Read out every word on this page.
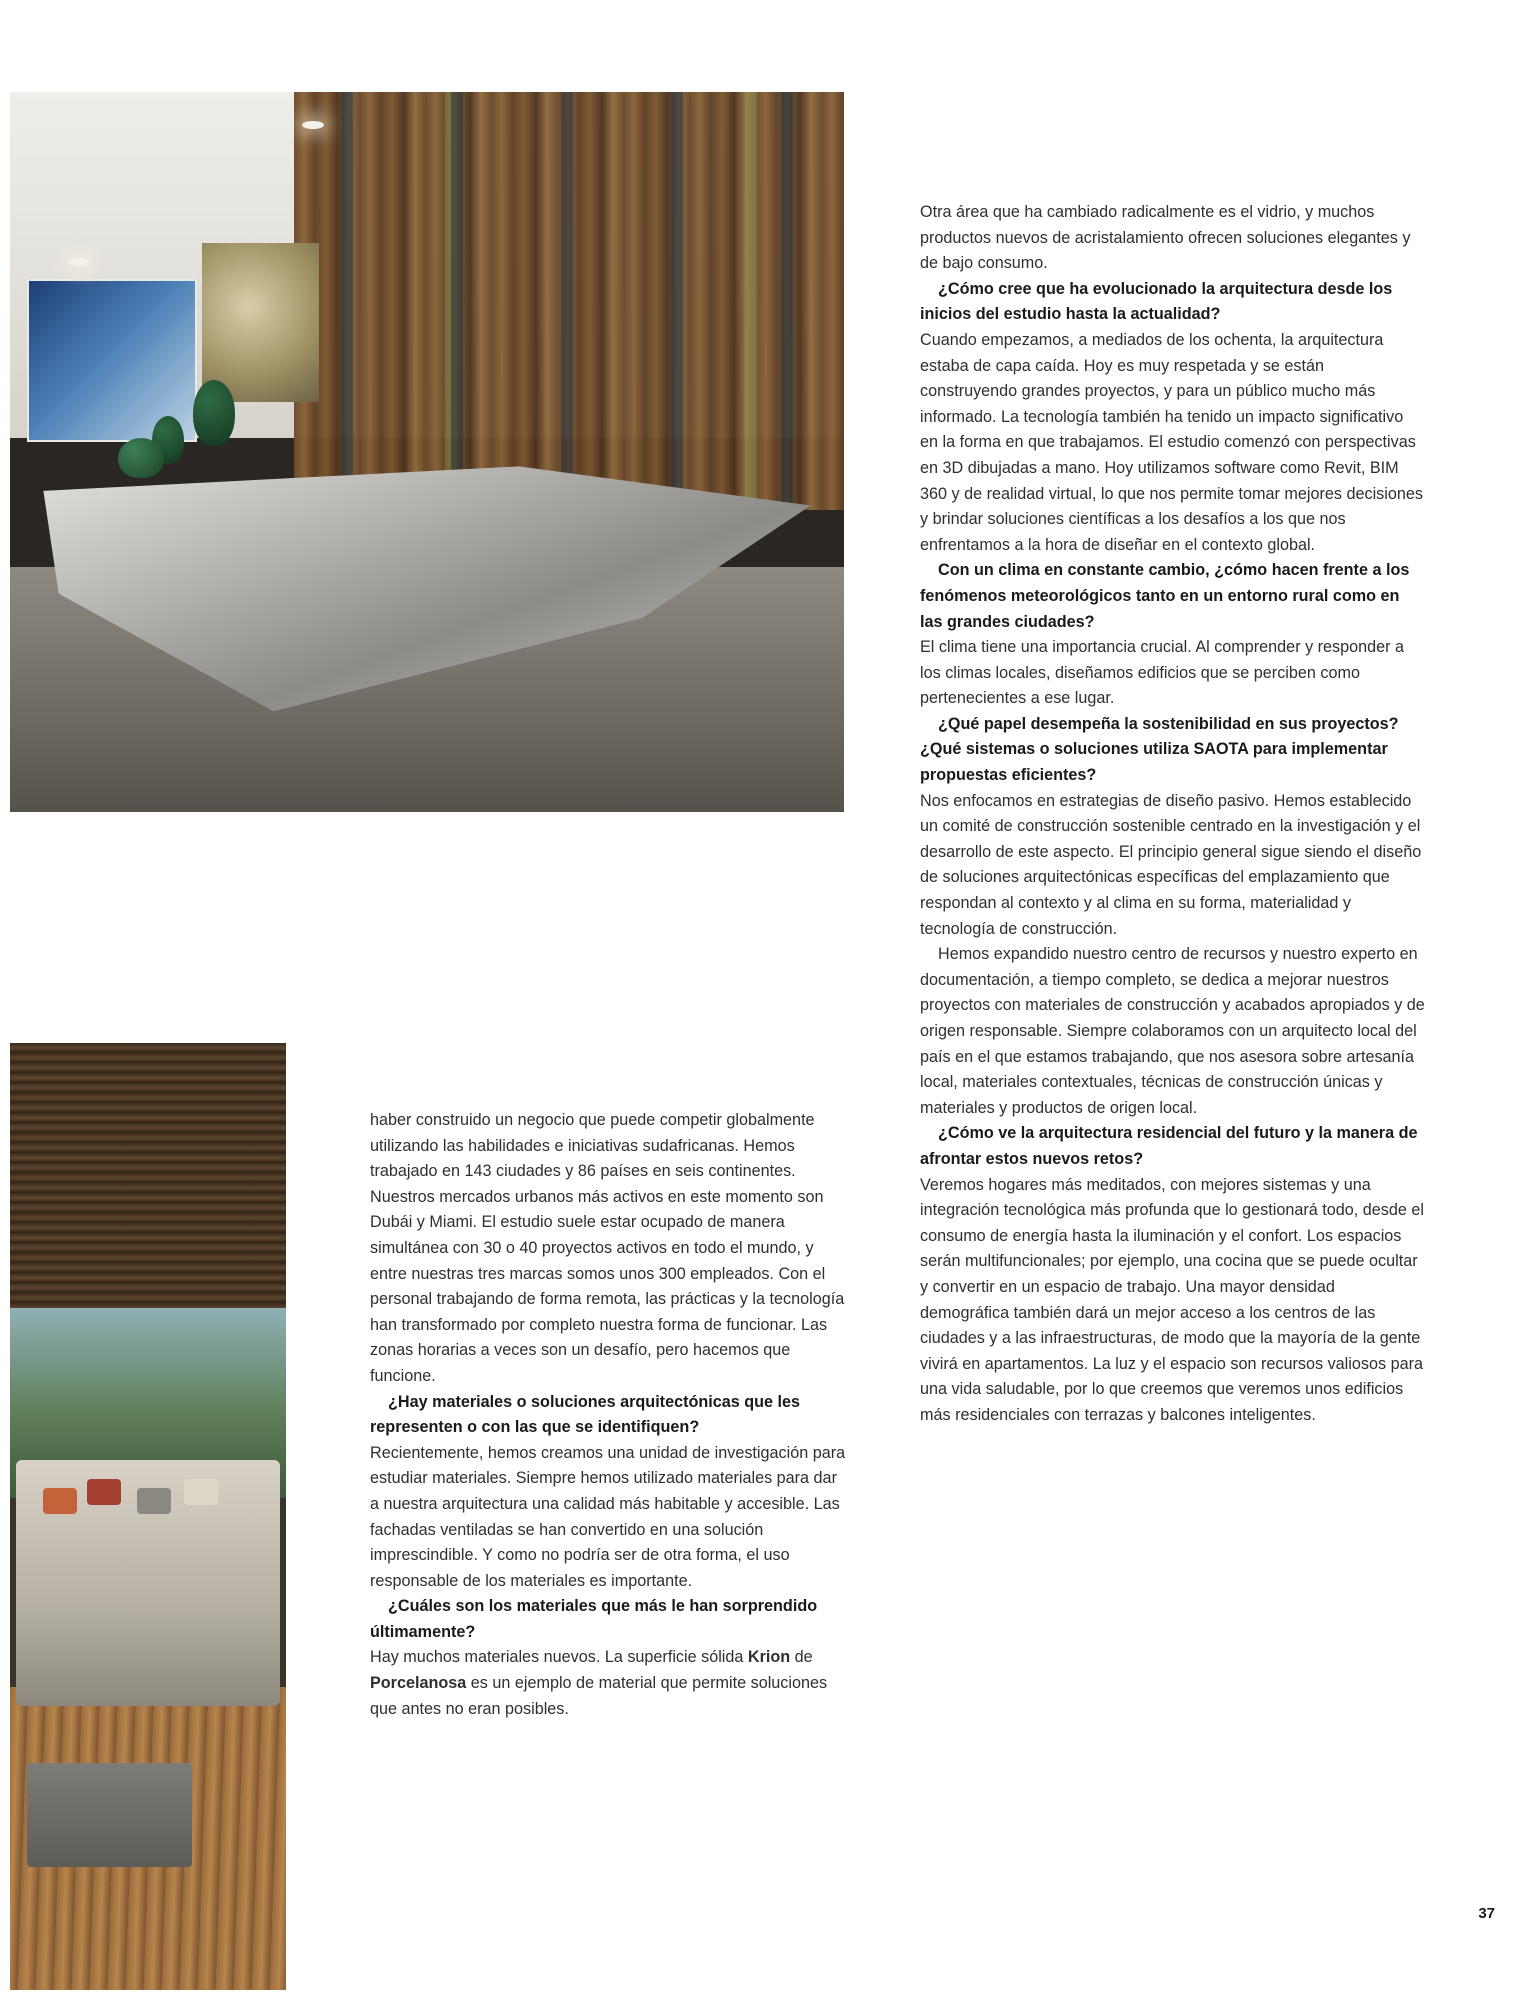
haber construido un negocio que puede competir globalmente utilizando las habilidades e iniciativas sudafricanas. Hemos trabajado en 143 ciudades y 86 países en seis continentes. Nuestros mercados urbanos más activos en este momento son Dubái y Miami. El estudio suele estar ocupado de manera simultánea con 30 o 40 proyectos activos en todo el mundo, y entre nuestras tres marcas somos unos 300 empleados. Con el personal trabajando de forma remota, las prácticas y la tecnología han transformado por completo nuestra forma de funcionar. Las zonas horarias a veces son un desafío, pero hacemos que funcione.

¿Hay materiales o soluciones arquitectónicas que les representen o con las que se identifiquen?

Recientemente, hemos creamos una unidad de investigación para estudiar materiales. Siempre hemos utilizado materiales para dar a nuestra arquitectura una calidad más habitable y accesible. Las fachadas ventiladas se han convertido en una solución imprescindible. Y como no podría ser de otra forma, el uso responsable de los materiales es importante.

¿Cuáles son los materiales que más le han sorprendido últimamente?

Hay muchos materiales nuevos. La superficie sólida Krion de Porcelanosa es un ejemplo de material que permite soluciones que antes no eran posibles.

Otra área que ha cambiado radicalmente es el vidrio, y muchos productos nuevos de acristalamiento ofrecen soluciones elegantes y de bajo consumo.

¿Cómo cree que ha evolucionado la arquitectura desde los inicios del estudio hasta la actualidad?

Cuando empezamos, a mediados de los ochenta, la arquitectura estaba de capa caída. Hoy es muy respetada y se están construyendo grandes proyectos, y para un público mucho más informado. La tecnología también ha tenido un impacto significativo en la forma en que trabajamos. El estudio comenzó con perspectivas en 3D dibujadas a mano. Hoy utilizamos software como Revit, BIM 360 y de realidad virtual, lo que nos permite tomar mejores decisiones y brindar soluciones científicas a los desafíos a los que nos enfrentamos a la hora de diseñar en el contexto global.

Con un clima en constante cambio, ¿cómo hacen frente a los fenómenos meteorológicos tanto en un entorno rural como en las grandes ciudades?

El clima tiene una importancia crucial. Al comprender y responder a los climas locales, diseñamos edificios que se perciben como pertenecientes a ese lugar.

¿Qué papel desempeña la sostenibilidad en sus proyectos? ¿Qué sistemas o soluciones utiliza SAOTA para implementar propuestas eficientes?

Nos enfocamos en estrategias de diseño pasivo. Hemos establecido un comité de construcción sostenible centrado en la investigación y el desarrollo de este aspecto. El principio general sigue siendo el diseño de soluciones arquitectónicas específicas del emplazamiento que respondan al contexto y al clima en su forma, materialidad y tecnología de construcción.

Hemos expandido nuestro centro de recursos y nuestro experto en documentación, a tiempo completo, se dedica a mejorar nuestros proyectos con materiales de construcción y acabados apropiados y de origen responsable. Siempre colaboramos con un arquitecto local del país en el que estamos trabajando, que nos asesora sobre artesanía local, materiales contextuales, técnicas de construcción únicas y materiales y productos de origen local.

¿Cómo ve la arquitectura residencial del futuro y la manera de afrontar estos nuevos retos?

Veremos hogares más meditados, con mejores sistemas y una integración tecnológica más profunda que lo gestionará todo, desde el consumo de energía hasta la iluminación y el confort. Los espacios serán multifuncionales; por ejemplo, una cocina que se puede ocultar y convertir en un espacio de trabajo. Una mayor densidad demográfica también dará un mejor acceso a los centros de las ciudades y a las infraestructuras, de modo que la mayoría de la gente vivirá en apartamentos. La luz y el espacio son recursos valiosos para una vida saludable, por lo que creemos que veremos unos edificios más residenciales con terrazas y balcones inteligentes.

37
